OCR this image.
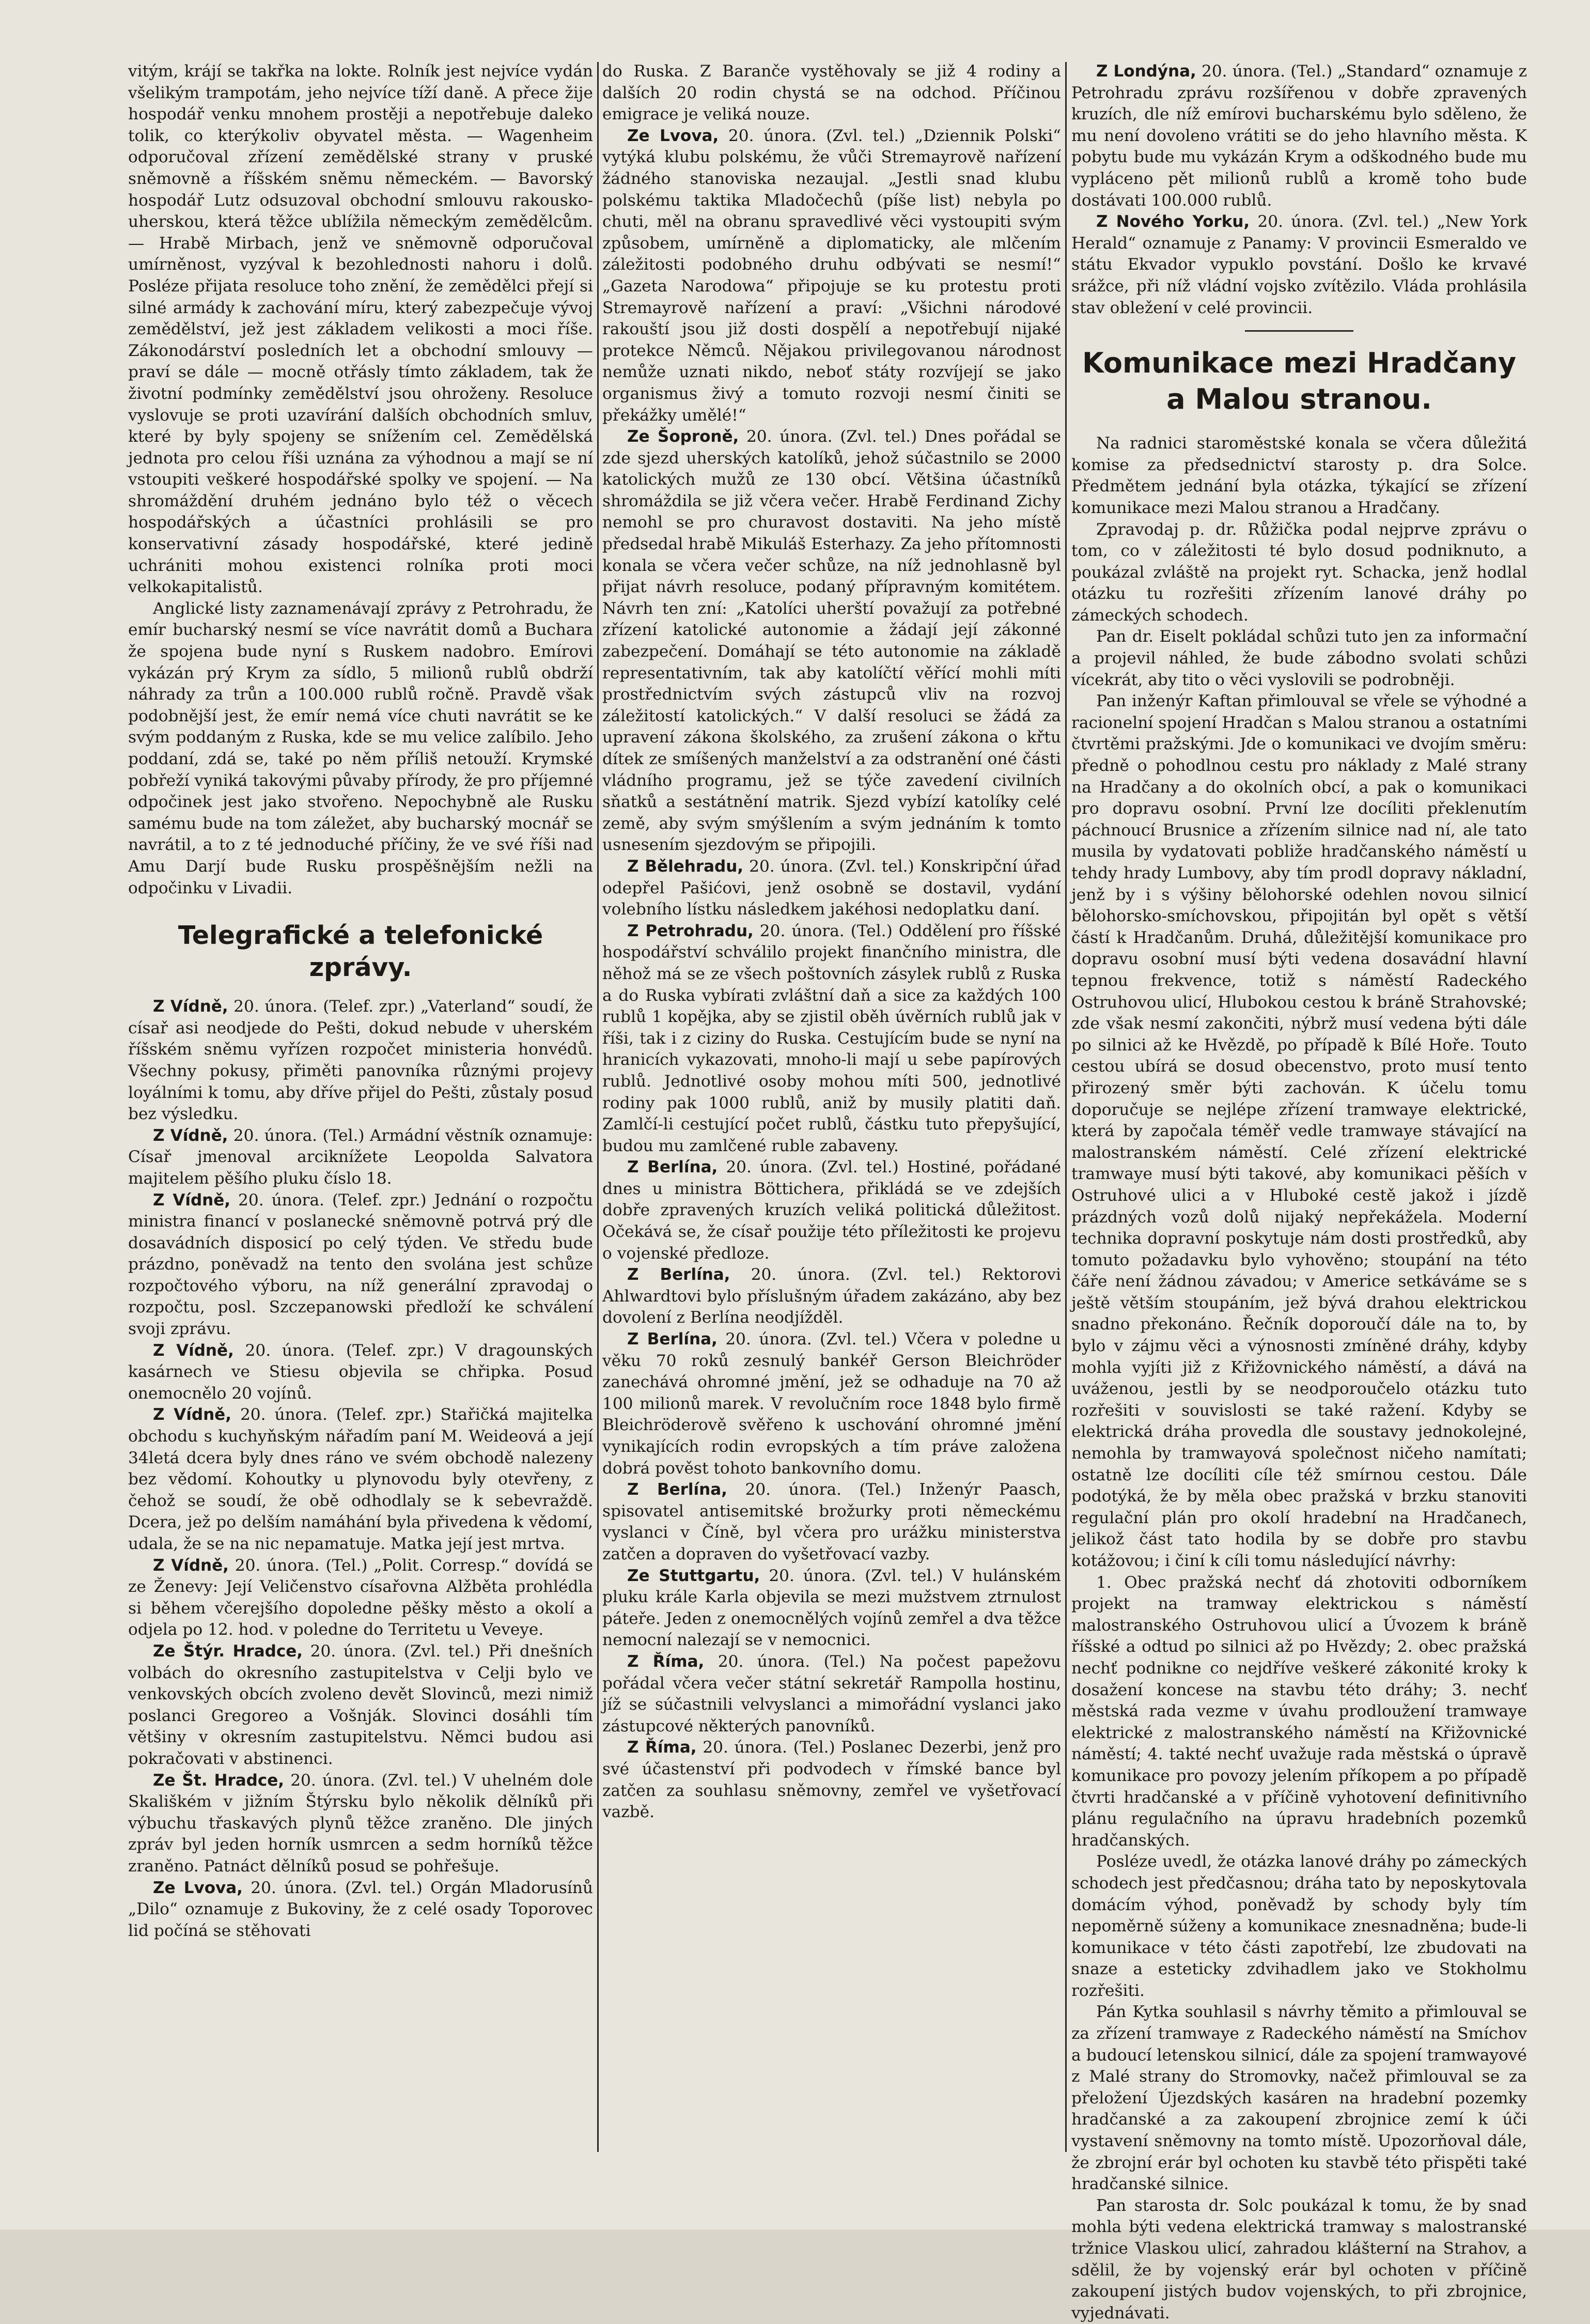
vitým, krájí se takřka na lokte. Rolník jest nejvíce vydán všelikým trampotám, jeho nejvíce tíží daně. A přece žije hospodář venku mnohem prostěji a nepotřebuje daleko tolik, co kterýkoliv obyvatel města. — Wagenheim odporučoval zřízení zemědělské strany v pruské sněmovně a říšském sněmu německém. — Bavorský hospodář Lutz odsuzoval obchodní smlouvu rakousko-uherskou, která těžce ublížila německým zemědělcům. — Hrabě Mirbach, jenž ve sněmovně odporučoval umírněnost, vyzýval k bezohlednosti nahoru i dolů. Posléze přijata resoluce toho znění, že zemědělci přejí si silné armády k zachování míru, který zabezpečuje vývoj zemědělství, jež jest základem velikosti a moci říše. Zákonodárství posledních let a obchodní smlouvy — praví se dále — mocně otřásly tímto základem, tak že životní podmínky zemědělství jsou ohroženy. Resoluce vyslovuje se proti uzavírání dalších obchodních smluv, které by byly spojeny se snížením cel. Zemědělská jednota pro celou říši uznána za výhodnou a mají se ní vstoupiti veškeré hospodářské spolky ve spojení. — Na shromáždění druhém jednáno bylo též o věcech hospodářských a účastníci prohlásili se pro konservativní zásady hospodářské, které jedině uchrániti mohou existenci rolníka proti moci velkokapitalistů.

Anglické listy zaznamenávají zprávy z Petrohradu, že emír bucharský nesmí se více navrátit domů a Buchara že spojena bude nyní s Ruskem nadobro. Emírovi vykázán prý Krym za sídlo, 5 milionů rublů obdrží náhrady za trůn a 100.000 rublů ročně. Pravdě však podobnější jest, že emír nemá více chuti navrátit se ke svým poddaným z Ruska, kde se mu velice zalíbilo. Jeho poddaní, zdá se, také po něm příliš netouží. Krymské pobřeží vyniká takovými půvaby přírody, že pro příjemné odpočinek jest jako stvořeno. Nepochybně ale Rusku samému bude na tom záležet, aby bucharský mocnář se navrátil, a to z té jednoduché příčiny, že ve své říši nad Amu Darjí bude Rusku prospěšnějším nežli na odpočinku v Livadii.

Telegrafické a telefonické zprávy.

Z Vídně, 20. února. (Telef. zpr.) „Vaterland“ soudí, že císař asi neodjede do Pešti, dokud nebude v uherském říšském sněmu vyřízen rozpočet ministeria honvédů. Všechny pokusy, přiměti panovníka různými projevy loyálními k tomu, aby dříve přijel do Pešti, zůstaly posud bez výsledku.

Z Vídně, 20. února. (Tel.) Armádní věstník oznamuje: Císař jmenoval arciknížete Leopolda Salvatora majitelem pěšího pluku číslo 18.

Z Vídně, 20. února. (Telef. zpr.) Jednání o rozpočtu ministra financí v poslanecké sněmovně potrvá prý dle dosavádních disposicí po celý týden. Ve středu bude prázdno, poněvadž na tento den svolána jest schůze rozpočtového výboru, na níž generální zpravodaj o rozpočtu, posl. Szczepanowski předloží ke schválení svoji zprávu.

Z Vídně, 20. února. (Telef. zpr.) V dragounských kasárnech ve Stiesu objevila se chřipka. Posud onemocnělo 20 vojínů.

Z Vídně, 20. února. (Telef. zpr.) Stařičká majitelka obchodu s kuchyňským nářadím paní M. Weideová a její 34letá dcera byly dnes ráno ve svém obchodě nalezeny bez vědomí. Kohoutky u plynovodu byly otevřeny, z čehož se soudí, že obě odhodlaly se k sebevraždě. Dcera, jež po delším namáhání byla přivedena k vědomí, udala, že se na nic nepamatuje. Matka její jest mrtva.

Z Vídně, 20. února. (Tel.) „Polit. Corresp.“ dovídá se ze Ženevy: Její Veličenstvo císařovna Alžběta prohlédla si během včerejšího dopoledne pěšky město a okolí a odjela po 12. hod. v poledne do Territetu u Veveye.

Ze Štýr. Hradce, 20. února. (Zvl. tel.) Při dnešních volbách do okresního zastupitelstva v Celji bylo ve venkovských obcích zvoleno devět Slovinců, mezi nimiž poslanci Gregoreo a Vošnják. Slovinci dosáhli tím většiny v okresním zastupitelstvu. Němci budou asi pokračovati v abstinenci.

Ze Št. Hradce, 20. února. (Zvl. tel.) V uhelném dole Skališkém v jižním Štýrsku bylo několik dělníků při výbuchu třaskavých plynů těžce zraněno. Dle jiných zpráv byl jeden horník usmrcen a sedm horníků těžce zraněno. Patnáct dělníků posud se pohřešuje.

Ze Lvova, 20. února. (Zvl. tel.) Orgán Mladorusínů „Dilo“ oznamuje z Bukoviny, že z celé osady Toporovec lid počíná se stěhovati

do Ruska. Z Baranče vystěhovaly se již 4 rodiny a dalších 20 rodin chystá se na odchod. Příčinou emigrace je veliká nouze.

Ze Lvova, 20. února. (Zvl. tel.) „Dziennik Polski“ vytýká klubu polskému, že vůči Stremayrově nařízení žádného stanoviska nezaujal. „Jestli snad klubu polskému taktika Mladočechů (píše list) nebyla po chuti, měl na obranu spravedlivé věci vystoupiti svým způsobem, umírněně a diplomaticky, ale mlčením záležitosti podobného druhu odbývati se nesmí!“ „Gazeta Narodowa“ připojuje se ku protestu proti Stremayrově nařízení a praví: „Všichni národové rakouští jsou již dosti dospělí a nepotřebují nijaké protekce Němců. Nějakou privilegovanou národnost nemůže uznati nikdo, neboť státy rozvíjejí se jako organismus živý a tomuto rozvoji nesmí činiti se překážky umělé!“

Ze Šoproně, 20. února. (Zvl. tel.) Dnes pořádal se zde sjezd uherských katolíků, jehož súčastnilo se 2000 katolických mužů ze 130 obcí. Většina účastníků shromáždila se již včera večer. Hrabě Ferdinand Zichy nemohl se pro churavost dostaviti. Na jeho místě předsedal hrabě Mikuláš Esterhazy. Za jeho přítomnosti konala se včera večer schůze, na níž jednohlasně byl přijat návrh resoluce, podaný přípravným komitétem. Návrh ten zní: „Katolíci uherští považují za potřebné zřízení katolické autonomie a žádají její zákonné zabezpečení. Domáhají se této autonomie na základě representativním, tak aby katolíčtí věřící mohli míti prostřednictvím svých zástupců vliv na rozvoj záležitostí katolických.“ V další resoluci se žádá za upravení zákona školského, za zrušení zákona o křtu dítek ze smíšených manželství a za odstranění oné části vládního programu, jež se týče zavedení civilních sňatků a sestátnění matrik. Sjezd vybízí katolíky celé země, aby svým smýšlením a svým jednáním k tomto usnesením sjezdovým se připojili.

Z Bělehradu, 20. února. (Zvl. tel.) Konskripční úřad odepřel Pašićovi, jenž osobně se dostavil, vydání volebního lístku následkem jakéhosi nedoplatku daní.

Z Petrohradu, 20. února. (Tel.) Oddělení pro říšské hospodářství schválilo projekt finančního ministra, dle něhož má se ze všech poštovních zásylek rublů z Ruska a do Ruska vybírati zvláštní daň a sice za každých 100 rublů 1 kopějka, aby se zjistil oběh úvěrních rublů jak v říši, tak i z ciziny do Ruska. Cestujícím bude se nyní na hranicích vykazovati, mnoho-li mají u sebe papírových rublů. Jednotlivé osoby mohou míti 500, jednotlivé rodiny pak 1000 rublů, aniž by musily platiti daň. Zamlčí-li cestující počet rublů, částku tuto přepyšující, budou mu zamlčené ruble zabaveny.

Z Berlína, 20. února. (Zvl. tel.) Hostiné, pořádané dnes u ministra Böttichera, přikládá se ve zdejších dobře zpravených kruzích veliká politická důležitost. Očekává se, že císař použije této příležitosti ke projevu o vojenské předloze.

Z Berlína, 20. února. (Zvl. tel.) Rektorovi Ahlwardtovi bylo příslušným úřadem zakázáno, aby bez dovolení z Berlína neodjížděl.

Z Berlína, 20. února. (Zvl. tel.) Včera v poledne u věku 70 roků zesnulý bankéř Gerson Bleichröder zanechává ohromné jmění, jež se odhaduje na 70 až 100 milionů marek. V revolučním roce 1848 bylo firmě Bleichröderově svěřeno k uschování ohromné jmění vynikajících rodin evropských a tím práve založena dobrá pověst tohoto bankovního domu.

Z Berlína, 20. února. (Tel.) Inženýr Paasch, spisovatel antisemitské brožurky proti německému vyslanci v Číně, byl včera pro urážku ministerstva zatčen a dopraven do vyšetřovací vazby.

Ze Stuttgartu, 20. února. (Zvl. tel.) V hulánském pluku krále Karla objevila se mezi mužstvem ztrnulost páteře. Jeden z onemocnělých vojínů zemřel a dva těžce nemocní nalezají se v nemocnici.

Z Říma, 20. února. (Tel.) Na počest papežovu pořádal včera večer státní sekretář Rampolla hostinu, jíž se súčastnili velvyslanci a mimořádní vyslanci jako zástupcové některých panovníků.

Z Říma, 20. února. (Tel.) Poslanec Dezerbi, jenž pro své účastenství při podvodech v římské bance byl zatčen za souhlasu sněmovny, zemřel ve vyšetřovací vazbě.

Z Londýna, 20. února. (Tel.) „Standard“ oznamuje z Petrohradu zprávu rozšířenou v dobře zpravených kruzích, dle níž emírovi bucharskému bylo sděleno, že mu není dovoleno vrátiti se do jeho hlavního města. K pobytu bude mu vykázán Krym a odškodného bude mu vypláceno pět milionů rublů a kromě toho bude dostávati 100.000 rublů.

Z Nového Yorku, 20. února. (Zvl. tel.) „New York Herald“ oznamuje z Panamy: V provincii Esmeraldo ve státu Ekvador vypuklo povstání. Došlo ke krvavé srážce, při níž vládní vojsko zvítězilo. Vláda prohlásila stav obležení v celé provincii.

Komunikace mezi Hradčany a Malou stranou.

Na radnici staroměstské konala se včera důležitá komise za předsednictví starosty p. dra Solce. Předmětem jednání byla otázka, týkající se zřízení komunikace mezi Malou stranou a Hradčany.

Zpravodaj p. dr. Růžička podal nejprve zprávu o tom, co v záležitosti té bylo dosud podniknuto, a poukázal zvláště na projekt ryt. Schacka, jenž hodlal otázku tu rozřešiti zřízením lanové dráhy po zámeckých schodech.

Pan dr. Eiselt pokládal schůzi tuto jen za informační a projevil náhled, že bude zábodno svolati schůzi vícekrát, aby tito o věci vyslovili se podrobněji.

Pan inženýr Kaftan přimlouval se vřele se výhodné a racionelní spojení Hradčan s Malou stranou a ostatními čtvrtěmi pražskými. Jde o komunikaci ve dvojím směru: předně o pohodlnou cestu pro náklady z Malé strany na Hradčany a do okolních obcí, a pak o komunikaci pro dopravu osobní. První lze docíliti překlenutím páchnoucí Brusnice a zřízením silnice nad ní, ale tato musila by vydatovati pobliže hradčanského náměstí u tehdy hrady Lumbovy, aby tím prodl dopravy nákladní, jenž by i s výšiny bělohorské odehlen novou silnicí bělohorsko-smíchovskou, připojitán byl opět s větší částí k Hradčanům. Druhá, důležitější komunikace pro dopravu osobní musí býti vedena dosavádní hlavní tepnou frekvence, totiž s náměstí Radeckého Ostruhovou ulicí, Hlubokou cestou k bráně Strahovské; zde však nesmí zakončiti, nýbrž musí vedena býti dále po silnici až ke Hvězdě, po případě k Bílé Hoře. Touto cestou ubírá se dosud obecenstvo, proto musí tento přirozený směr býti zachován. K účelu tomu doporučuje se nejlépe zřízení tramwaye elektrické, která by započala téměř vedle tramwaye stávající na malostranském náměstí. Celé zřízení elektrické tramwaye musí býti takové, aby komunikaci pěších v Ostruhové ulici a v Hluboké cestě jakož i jízdě prázdných vozů dolů nijaký nepřekážela. Moderní technika dopravní poskytuje nám dosti prostředků, aby tomuto požadavku bylo vyhověno; stoupání na této čáře není žádnou závadou; v Americe setkáváme se s ještě větším stoupáním, jež bývá drahou elektrickou snadno překonáno. Řečník doporoučí dále na to, by bylo v zájmu věci a výnosnosti zmíněné dráhy, kdyby mohla vyjíti již z Křižovnického náměstí, a dává na uváženou, jestli by se neodporoučelo otázku tuto rozřešiti v souvislosti se také ražení. Kdyby se elektrická dráha provedla dle soustavy jednokolejné, nemohla by tramwayová společnost ničeho namítati; ostatně lze docíliti cíle též smírnou cestou. Dále podotýká, že by měla obec pražská v brzku stanoviti regulační plán pro okolí hradební na Hradčanech, jelikož část tato hodila by se dobře pro stavbu kotážovou; i činí k cíli tomu následující návrhy:

1. Obec pražská nechť dá zhotoviti odborníkem projekt na tramway elektrickou s náměstí malostranského Ostruhovou ulicí a Úvozem k bráně říšské a odtud po silnici až po Hvězdy; 2. obec pražská nechť podnikne co nejdříve veškeré zákonité kroky k dosažení koncese na stavbu této dráhy; 3. nechť městská rada vezme v úvahu prodloužení tramwaye elektrické z malostranského náměstí na Křižovnické náměstí; 4. takté nechť uvažuje rada městská o úpravě komunikace pro povozy jelením příkopem a po případě čtvrti hradčanské a v příčině vyhotovení definitivního plánu regulačního na úpravu hradebních pozemků hradčanských.

Posléze uvedl, že otázka lanové dráhy po zámeckých schodech jest předčasnou; dráha tato by neposkytovala domácím výhod, poněvadž by schody byly tím nepoměrně súženy a komunikace znesnadněna; bude-li komunikace v této části zapotřebí, lze zbudovati na snaze a esteticky zdvihadlem jako ve Stokholmu rozřešiti.

Pán Kytka souhlasil s návrhy těmito a přimlouval se za zřízení tramwaye z Radeckého náměstí na Smíchov a budoucí letenskou silnicí, dále za spojení tramwayové z Malé strany do Stromovky, načež přimlouval se za přeložení Újezdských kasáren na hradební pozemky hradčanské a za zakoupení zbrojnice zemí k úči vystavení sněmovny na tomto místě. Upozorňoval dále, že zbrojní erár byl ochoten ku stavbě této přispěti také hradčanské silnice.

Pan starosta dr. Solc poukázal k tomu, že by snad mohla býti vedena elektrická tramway s malostranské tržnice Vlaskou ulicí, zahradou klášterní na Strahov, a sdělil, že by vojenský erár byl ochoten v příčině zakoupení jistých budov vojenských, to při zbrojnice, vyjednávati.
